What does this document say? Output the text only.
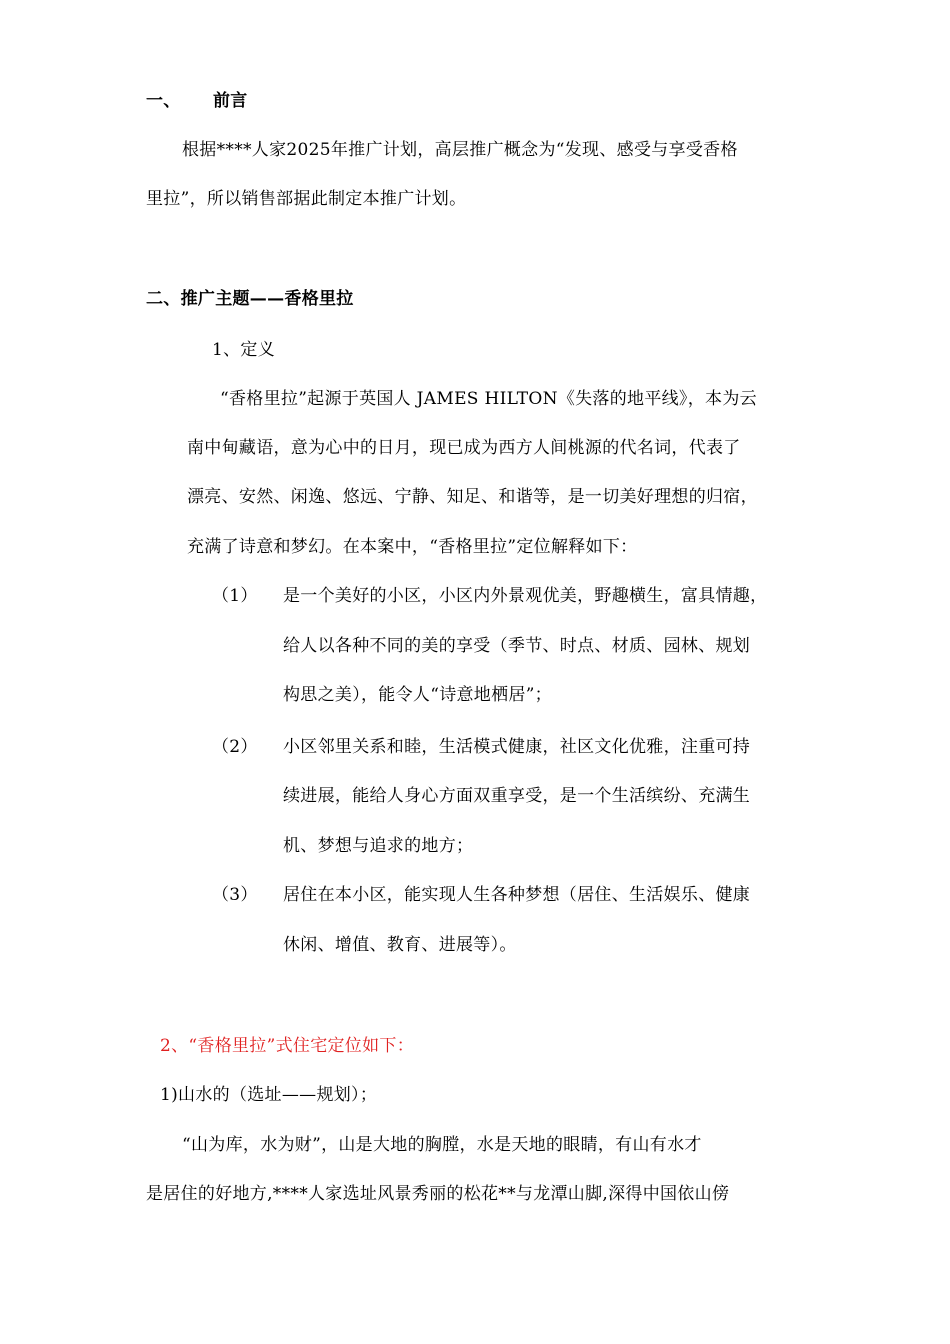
一、 前言
根据****人家2025年推广计划，高层推广概念为“发现、感受与享受香格
里拉”，所以销售部据此制定本推广计划。
二、推广主题——香格里拉
1、定义
“香格里拉”起源于英国人 JAMES HILTON《失落的地平线》，本为云
南中甸藏语，意为心中的日月，现已成为西方人间桃源的代名词，代表了
漂亮、安然、闲逸、悠远、宁静、知足、和谐等，是一切美好理想的归宿，
充满了诗意和梦幻。在本案中，“香格里拉”定位解释如下：
（1） 是一个美好的小区，小区内外景观优美，野趣横生，富具情趣，
给人以各种不同的美的享受（季节、时点、材质、园林、规划
构思之美），能令人“诗意地栖居”；
（2） 小区邻里关系和睦，生活模式健康，社区文化优雅，注重可持
续进展，能给人身心方面双重享受，是一个生活缤纷、充满生
机、梦想与追求的地方；
（3） 居住在本小区，能实现人生各种梦想（居住、生活娱乐、健康
休闲、增值、教育、进展等）。
2、“香格里拉”式住宅定位如下：
1)山水的（选址——规划）；
“山为库，水为财”，山是大地的胸膛，水是天地的眼睛，有山有水才
是居住的好地方,****人家选址风景秀丽的松花**与龙潭山脚,深得中国依山傍
